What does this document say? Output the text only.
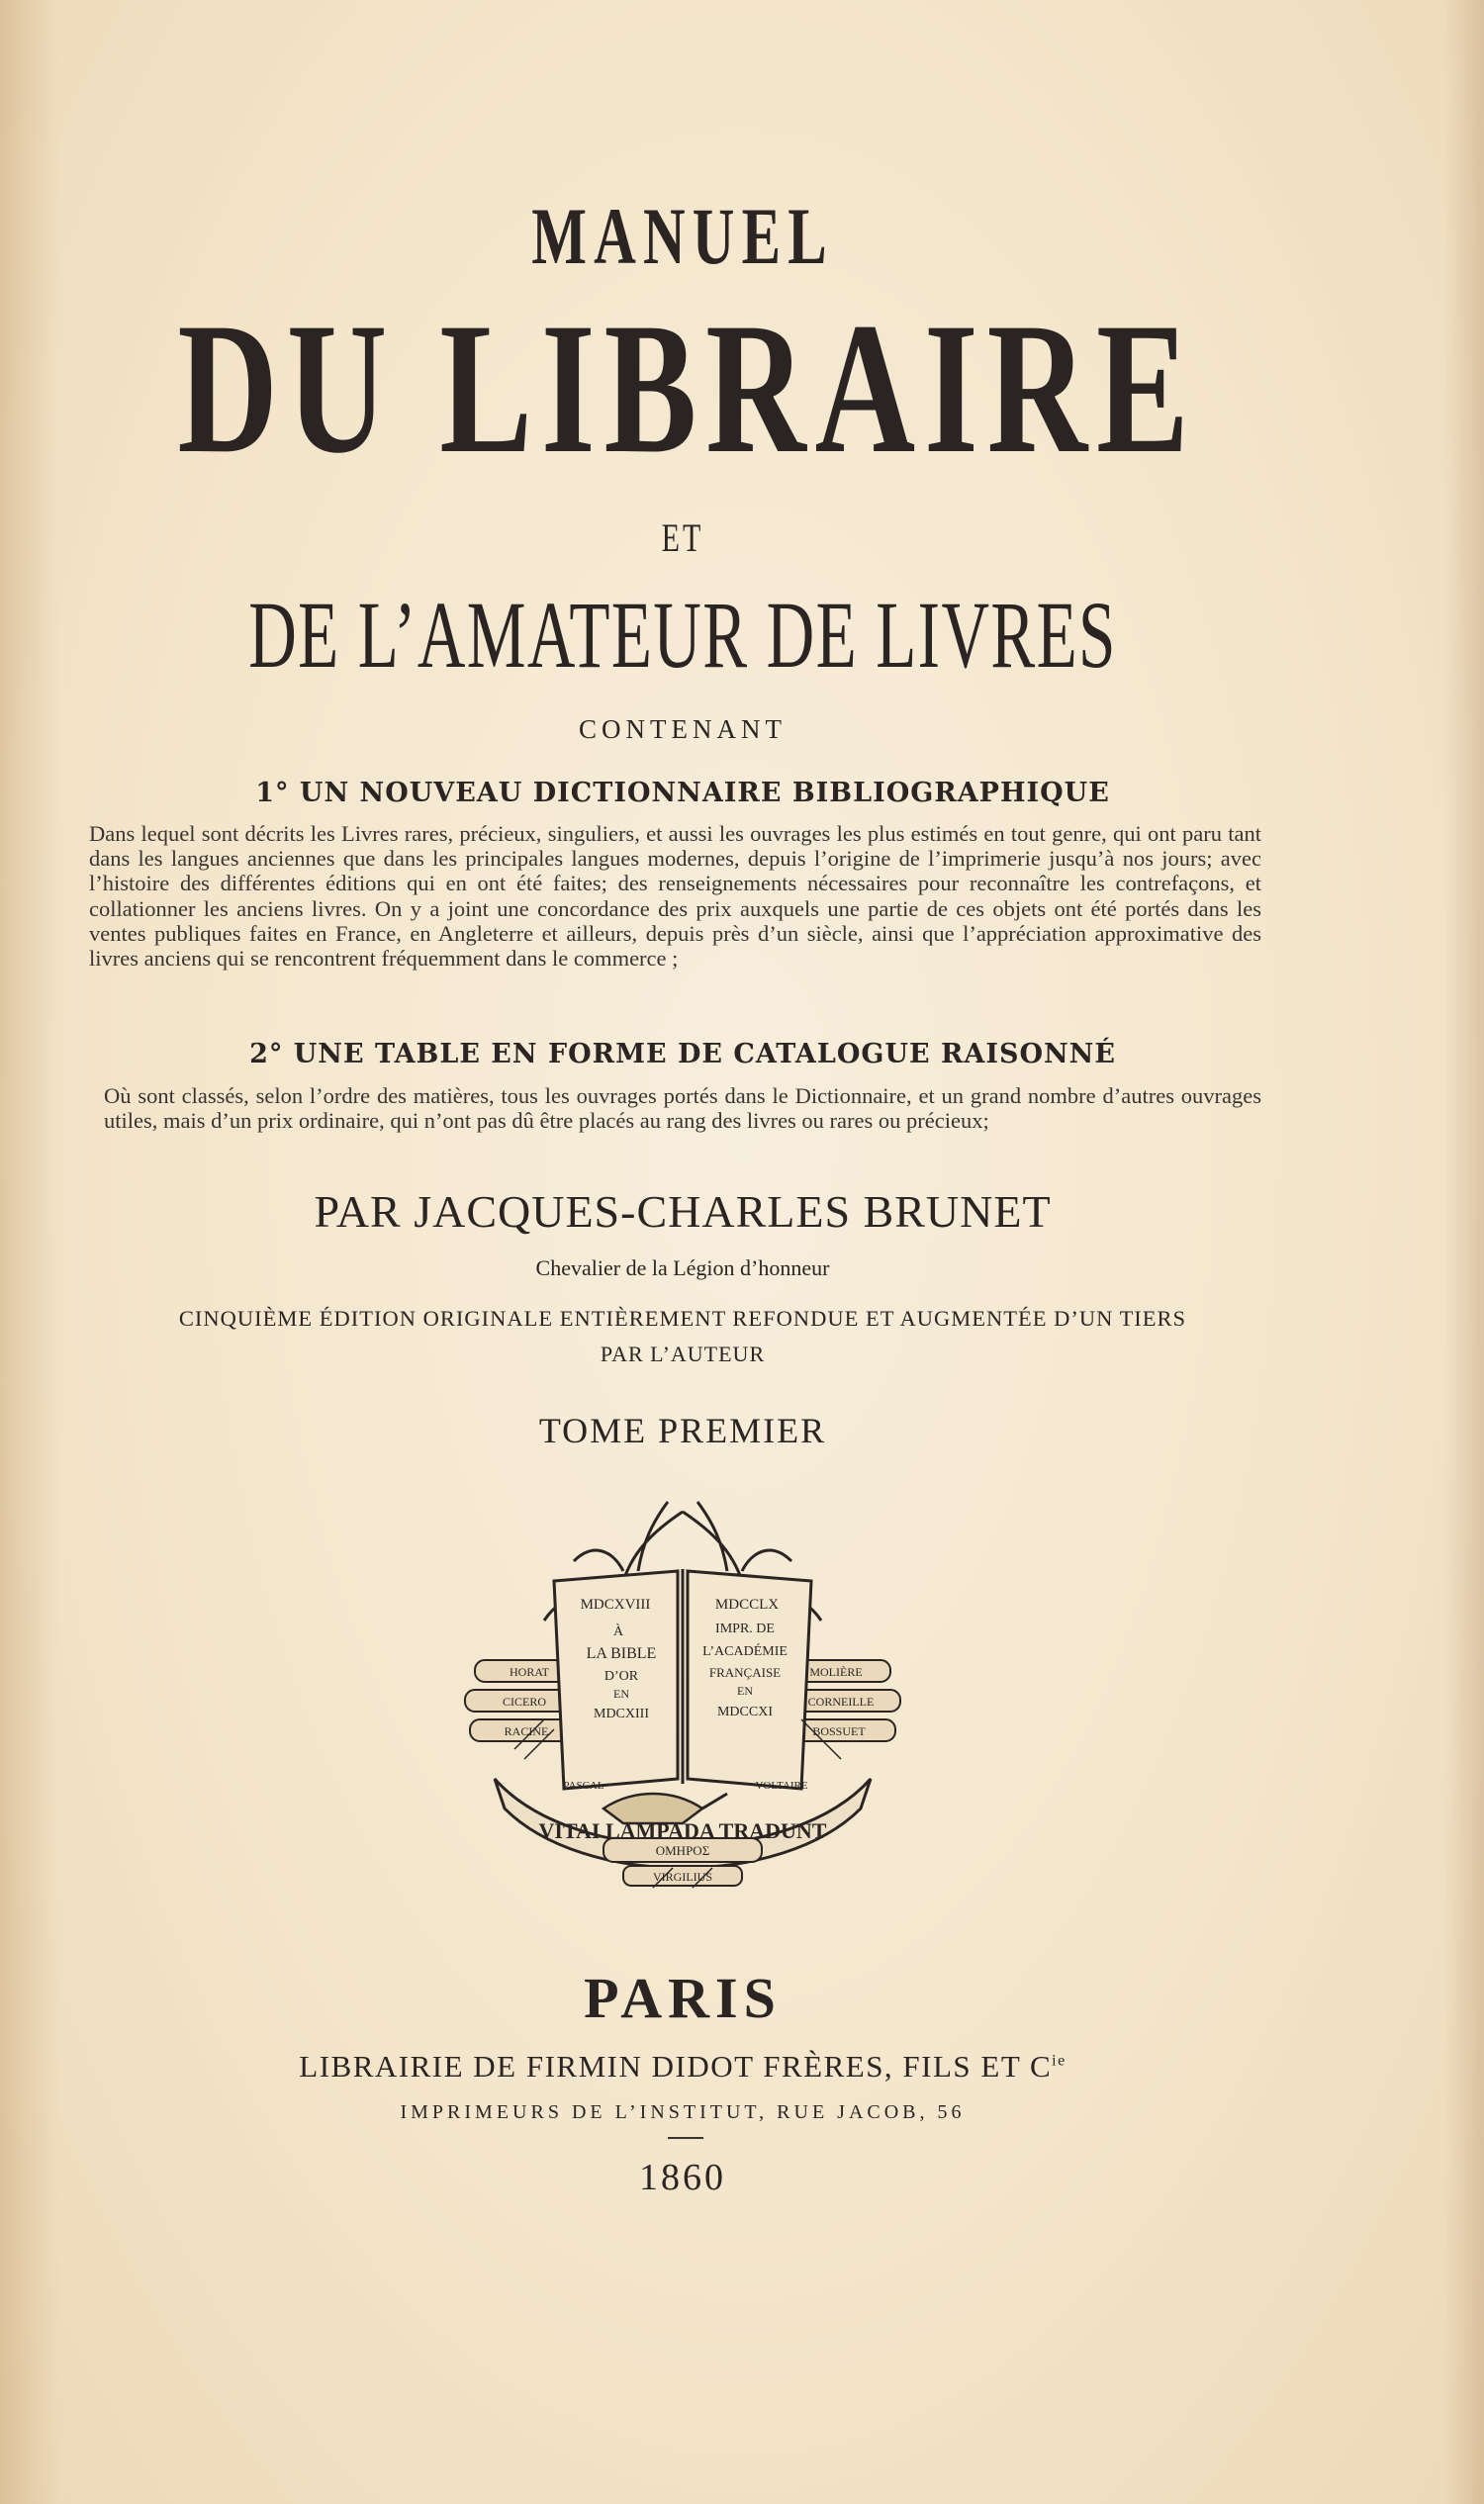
MANUEL
DU LIBRAIRE
ET
DE L’AMATEUR DE LIVRES
CONTENANT
1° UN NOUVEAU DICTIONNAIRE BIBLIOGRAPHIQUE
Dans lequel sont décrits les Livres rares, précieux, singuliers, et aussi les ouvrages les plus estimés en tout genre, qui ont paru tant dans les langues anciennes que dans les principales langues modernes, depuis l’origine de l’imprimerie jusqu’à nos jours; avec l’histoire des différentes éditions qui en ont été faites; des renseignements nécessaires pour reconnaître les contrefaçons, et collationner les anciens livres. On y a joint une concordance des prix auxquels une partie de ces objets ont été portés dans les ventes publiques faites en France, en Angleterre et ailleurs, depuis près d’un siècle, ainsi que l’appréciation approximative des livres anciens qui se rencontrent fréquemment dans le commerce ;
2° UNE TABLE EN FORME DE CATALOGUE RAISONNÉ
Où sont classés, selon l’ordre des matières, tous les ouvrages portés dans le Dictionnaire, et un grand nombre d’autres ouvrages utiles, mais d’un prix ordinaire, qui n’ont pas dû être placés au rang des livres ou rares ou précieux;
PAR JACQUES-CHARLES BRUNET
Chevalier de la Légion d’honneur
CINQUIÈME ÉDITION ORIGINALE ENTIÈREMENT REFONDUE ET AUGMENTÉE D’UN TIERS
PAR L’AUTEUR
TOME PREMIER
MDCXVIII
À
LA BIBLE
D’OR
EN
MDCXIII
MDCCLX
IMPR. DE
L’ACADÉMIE
FRANÇAISE
EN
MDCCXI
VITAI LAMPADA TRADUNT
ΟΜΗΡΟΣ
VIRGILIUS
HORAT
CICERO
MOLIÈRE
CORNEILLE
BOSSUET
RACINE
PASCAL	VOLTAIRE
PARIS
LIBRAIRIE DE FIRMIN DIDOT FRÈRES, FILS ET $C^{ie}$
IMPRIMEURS DE L’INSTITUT, RUE JACOB, 56
1860
